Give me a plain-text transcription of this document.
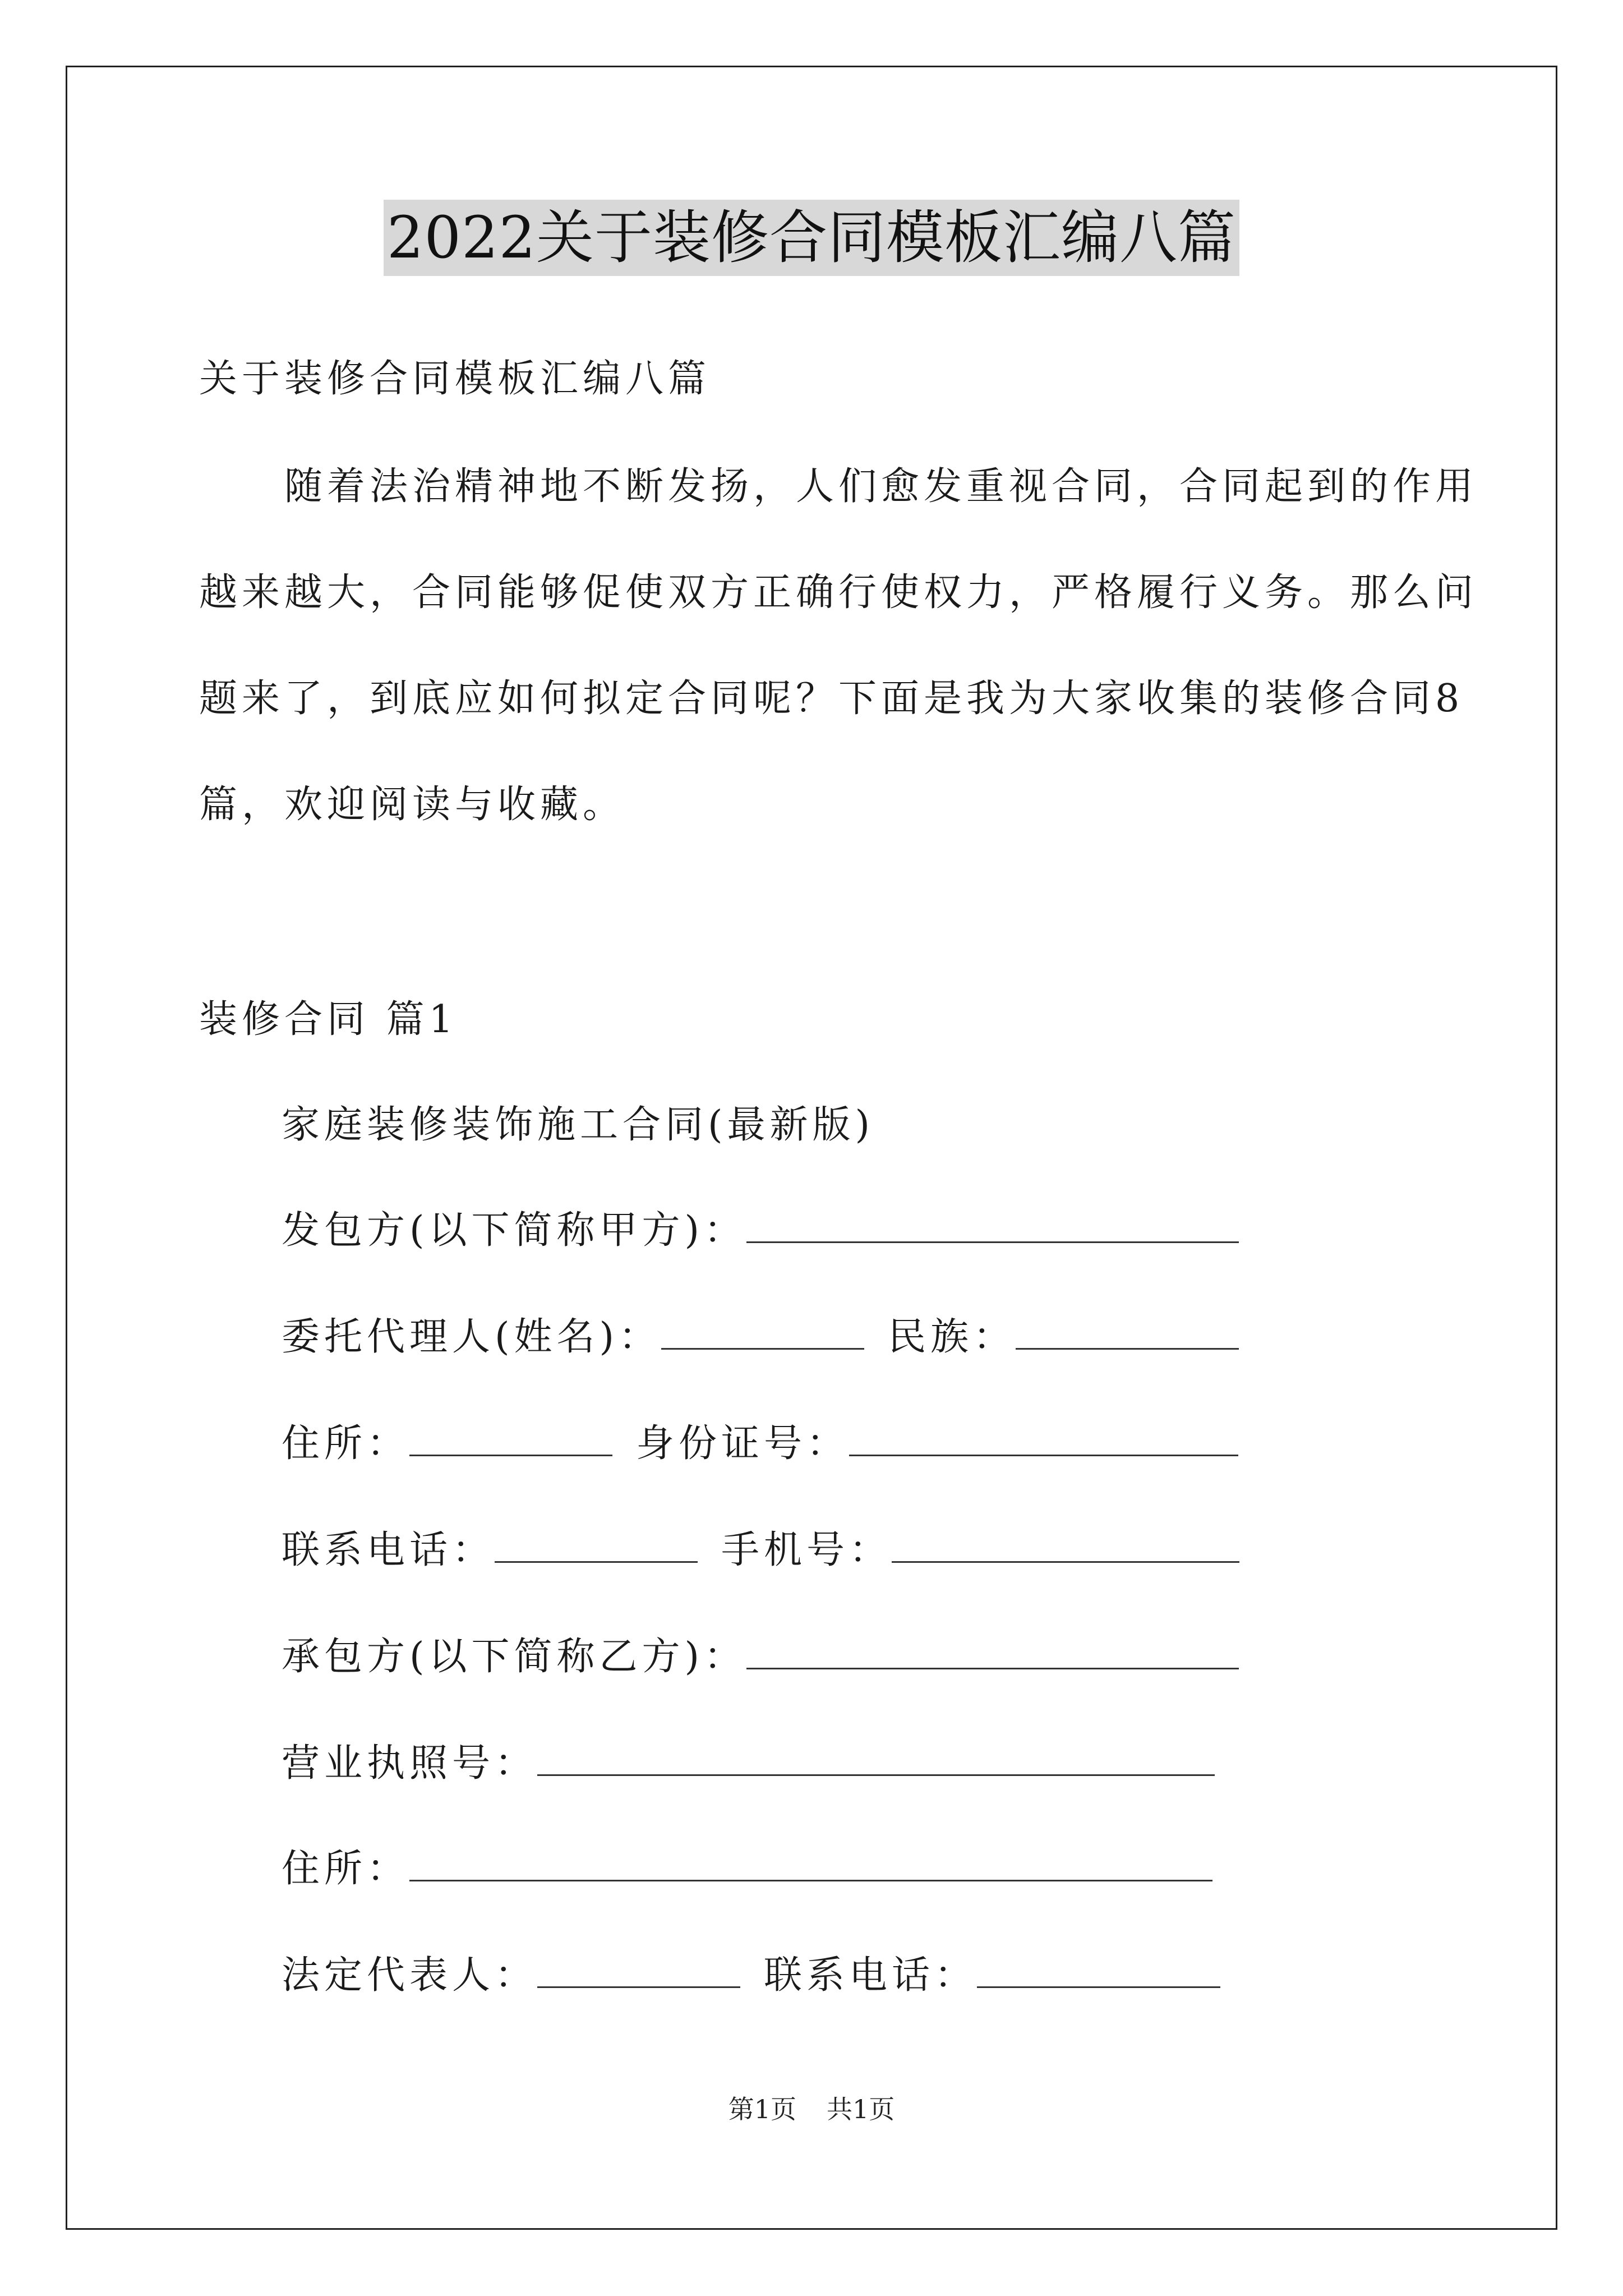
2022关于装修合同模板汇编八篇
关于装修合同模板汇编八篇
　　随着法治精神地不断发扬，人们愈发重视合同，合同起到的作用
越来越大，合同能够促使双方正确行使权力，严格履行义务。那么问
题来了，到底应如何拟定合同呢？下面是我为大家收集的装修合同8
篇，欢迎阅读与收藏。
装修合同 篇1
家庭装修装饰施工合同(最新版)
发包方(以下简称甲方)：
委托代理人(姓名)：	民族：
住所：	身份证号：
联系电话：	手机号：
承包方(以下简称乙方)：
营业执照号：
住所：
法定代表人：	联系电话：
第1页 共1页
